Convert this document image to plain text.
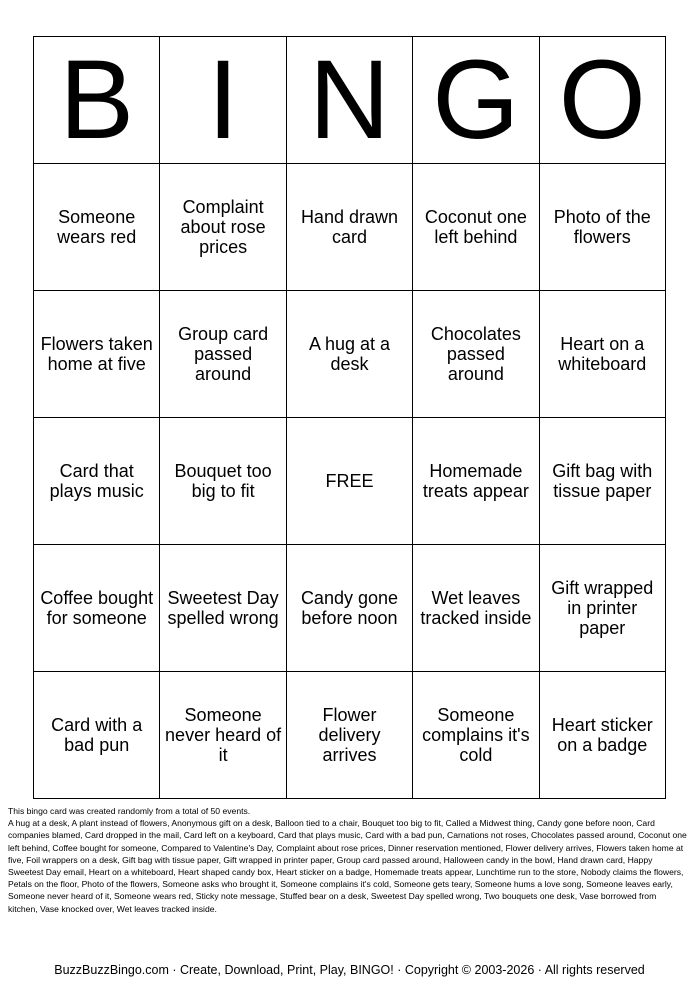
B	I	N	G	O
Someone wears red	Complaint about rose prices	Hand drawn card	Coconut one left behind	Photo of the flowers
Flowers taken home at five	Group card passed around	A hug at a desk	Chocolates passed around	Heart on a whiteboard
Card that plays music	Bouquet too big to fit	FREE	Homemade treats appear	Gift bag with tissue paper
Coffee bought for someone	Sweetest Day spelled wrong	Candy gone before noon	Wet leaves tracked inside	Gift wrapped in printer paper
Card with a bad pun	Someone never heard of it	Flower delivery arrives	Someone complains it's cold	Heart sticker on a badge
This bingo card was created randomly from a total of 50 events.
A hug at a desk, A plant instead of flowers, Anonymous gift on a desk, Balloon tied to a chair, Bouquet too big to fit, Called a Midwest thing, Candy gone before noon, Card companies blamed, Card dropped in the mail, Card left on a keyboard, Card that plays music, Card with a bad pun, Carnations not roses, Chocolates passed around, Coconut one left behind, Coffee bought for someone, Compared to Valentine's Day, Complaint about rose prices, Dinner reservation mentioned, Flower delivery arrives, Flowers taken home at five, Foil wrappers on a desk, Gift bag with tissue paper, Gift wrapped in printer paper, Group card passed around, Halloween candy in the bowl, Hand drawn card, Happy Sweetest Day email, Heart on a whiteboard, Heart shaped candy box, Heart sticker on a badge, Homemade treats appear, Lunchtime run to the store, Nobody claims the flowers, Petals on the floor, Photo of the flowers, Someone asks who brought it, Someone complains it's cold, Someone gets teary, Someone hums a love song, Someone leaves early, Someone never heard of it, Someone wears red, Sticky note message, Stuffed bear on a desk, Sweetest Day spelled wrong, Two bouquets one desk, Vase borrowed from kitchen, Vase knocked over, Wet leaves tracked inside.
BuzzBuzzBingo.com · Create, Download, Print, Play, BINGO! · Copyright © 2003-2026 · All rights reserved
